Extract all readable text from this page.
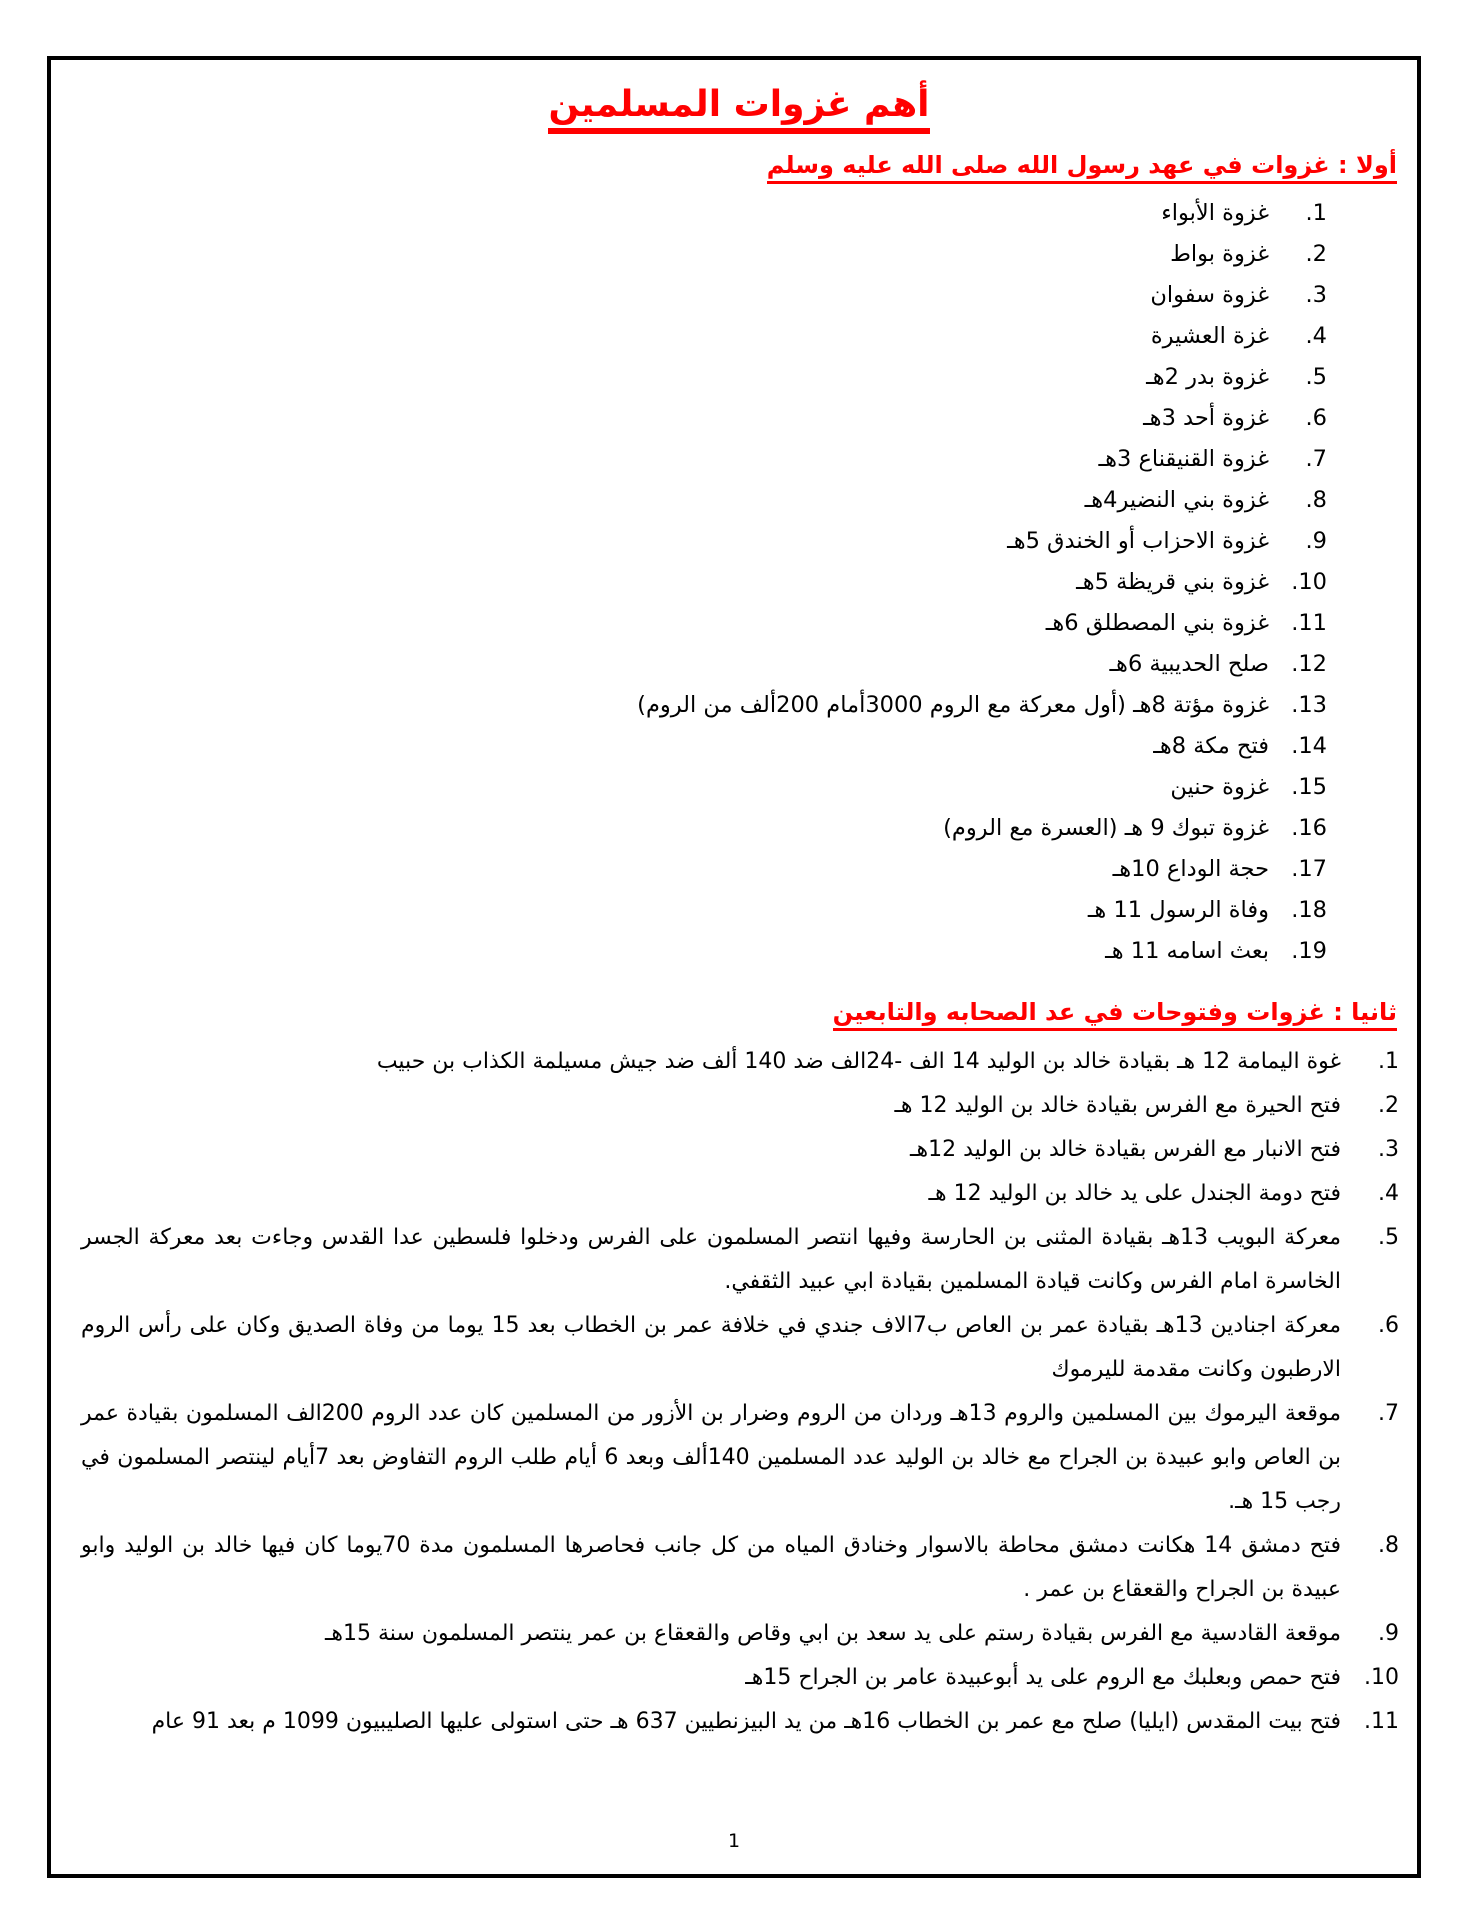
أهم غزوات المسلمين
أولا : غزوات في عهد رسول الله صلى الله عليه وسلم
غزوة الأبواء
غزوة بواط
غزوة سفوان
غزة العشيرة
غزوة بدر 2هـ
غزوة أحد 3هـ
غزوة القنيقناع 3هـ
غزوة بني النضير4هـ
غزوة الاحزاب أو الخندق 5هـ
غزوة بني قريظة 5هـ
غزوة بني المصطلق 6هـ
صلح الحديبية 6هـ
غزوة مؤتة 8هـ (أول معركة مع الروم 3000أمام 200ألف من الروم)
فتح مكة 8هـ
غزوة حنين
غزوة تبوك 9 هـ (العسرة مع الروم)
حجة الوداع 10هـ
وفاة الرسول 11 هـ
بعث اسامه 11 هـ
ثانيا : غزوات وفتوحات في عد الصحابه والتابعين
غوة اليمامة 12 هـ بقيادة خالد بن الوليد 14 الف -24الف ضد 140 ألف ضد جيش مسيلمة الكذاب بن حبيب
فتح الحيرة مع الفرس بقيادة خالد بن الوليد 12 هـ
فتح الانبار مع الفرس بقيادة خالد بن الوليد 12هـ
فتح دومة الجندل على يد خالد بن الوليد 12 هـ
معركة البويب 13هـ بقيادة المثنى بن الحارسة وفيها انتصر المسلمون على الفرس ودخلوا فلسطين عدا القدس وجاءت بعد معركة الجسر الخاسرة امام الفرس وكانت قيادة المسلمين بقيادة ابي عبيد الثقفي.
معركة اجنادين 13هـ بقيادة عمر بن العاص ب7الاف جندي في خلافة عمر بن الخطاب بعد 15 يوما من وفاة الصديق وكان على رأس الروم الارطبون وكانت مقدمة لليرموك
موقعة اليرموك بين المسلمين والروم 13هـ وردان من الروم وضرار بن الأزور من المسلمين كان عدد الروم 200الف المسلمون بقيادة عمر بن العاص وابو عبيدة بن الجراح مع خالد بن الوليد عدد المسلمين 140ألف وبعد 6 أيام طلب الروم التفاوض بعد 7أيام لينتصر المسلمون في رجب 15 هـ.
فتح دمشق 14 هكانت دمشق محاطة بالاسوار وخنادق المياه من كل جانب فحاصرها المسلمون مدة 70يوما كان فيها خالد بن الوليد وابو عبيدة بن الجراح والقعقاع بن عمر .
موقعة القادسية مع الفرس بقيادة رستم على يد سعد بن ابي وقاص والقعقاع بن عمر ينتصر المسلمون سنة 15هـ
فتح حمص وبعلبك مع الروم على يد أبوعبيدة عامر بن الجراح 15هـ
فتح بيت المقدس (ايليا) صلح مع عمر بن الخطاب 16هـ من يد البيزنطيين 637 هـ حتى استولى عليها الصليبيون 1099 م بعد 91 عام
1
